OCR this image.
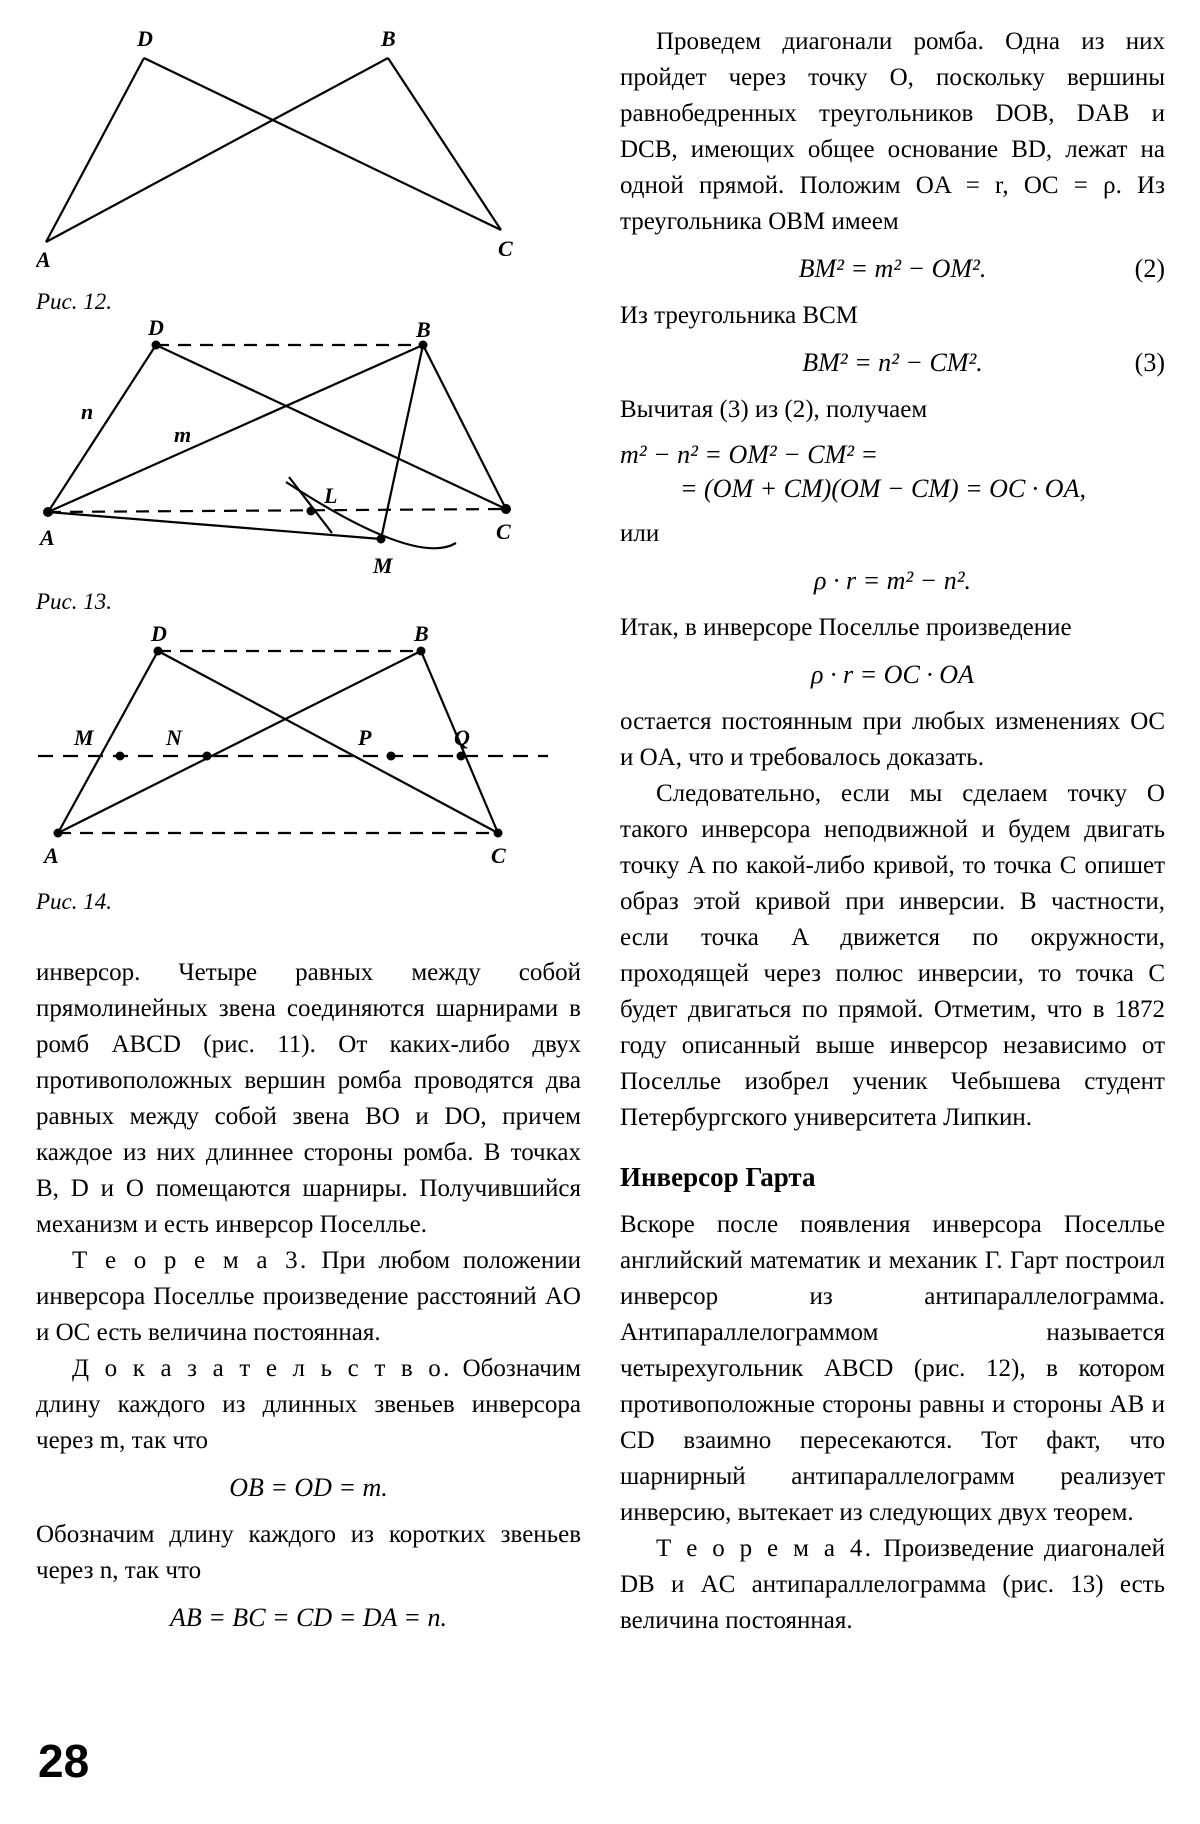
D	B
A	C

Рис. 12.

D	B
n
m
L
A	C
M

Рис. 13.

D	B
M	N	P	Q
A	C

Рис. 14.

инверсор. Четыре равных между собой прямолинейных звена соединяются шарнирами в ромб ABCD (рис. 11). От каких-либо двух противоположных вершин ромба проводятся два равных между собой звена BO и DO, причем каждое из них длиннее стороны ромба. В точках B, D и O помещаются шарниры. Получившийся механизм и есть инверсор Поселлье.

Т е о р е м а 3. При любом положении инверсора Поселлье произведение расстояний AO и OC есть величина постоянная.

Д о к а з а т е л ь с т в о. Обозначим длину каждого из длинных звеньев инверсора через m, так что

OB = OD = m.

Обозначим длину каждого из коротких звеньев через n, так что

AB = BC = CD = DA = n.

Проведем диагонали ромба. Одна из них пройдет через точку O, поскольку вершины равнобедренных треугольников DOB, DAB и DCB, имеющих общее основание BD, лежат на одной прямой. Положим OA = r, OC = ρ. Из треугольника OBM имеем

BM² = m² − OM².	(2)

Из треугольника BCM

BM² = n² − CM².	(3)

Вычитая (3) из (2), получаем

m² − n² = OM² − CM² =
= (OM + CM)(OM − CM) = OC · OA,

или

ρ · r = m² − n².

Итак, в инверсоре Поселлье произведение

ρ · r = OC · OA

остается постоянным при любых изменениях OC и OA, что и требовалось доказать.

Следовательно, если мы сделаем точку O такого инверсора неподвижной и будем двигать точку A по какой-либо кривой, то точка C опишет образ этой кривой при инверсии. В частности, если точка A движется по окружности, проходящей через полюс инверсии, то точка C будет двигаться по прямой. Отметим, что в 1872 году описанный выше инверсор независимо от Поселлье изобрел ученик Чебышева студент Петербургского университета Липкин.

Инверсор Гарта

Вскоре после появления инверсора Поселлье английский математик и механик Г. Гарт построил инверсор из антипараллелограмма. Антипараллелограммом называется четырехугольник ABCD (рис. 12), в котором противоположные стороны равны и стороны AB и CD взаимно пересекаются. Тот факт, что шарнирный антипараллелограмм реализует инверсию, вытекает из следующих двух теорем.

Т е о р е м а 4. Произведение диагоналей DB и AC антипараллелограмма (рис. 13) есть величина постоянная.

28
